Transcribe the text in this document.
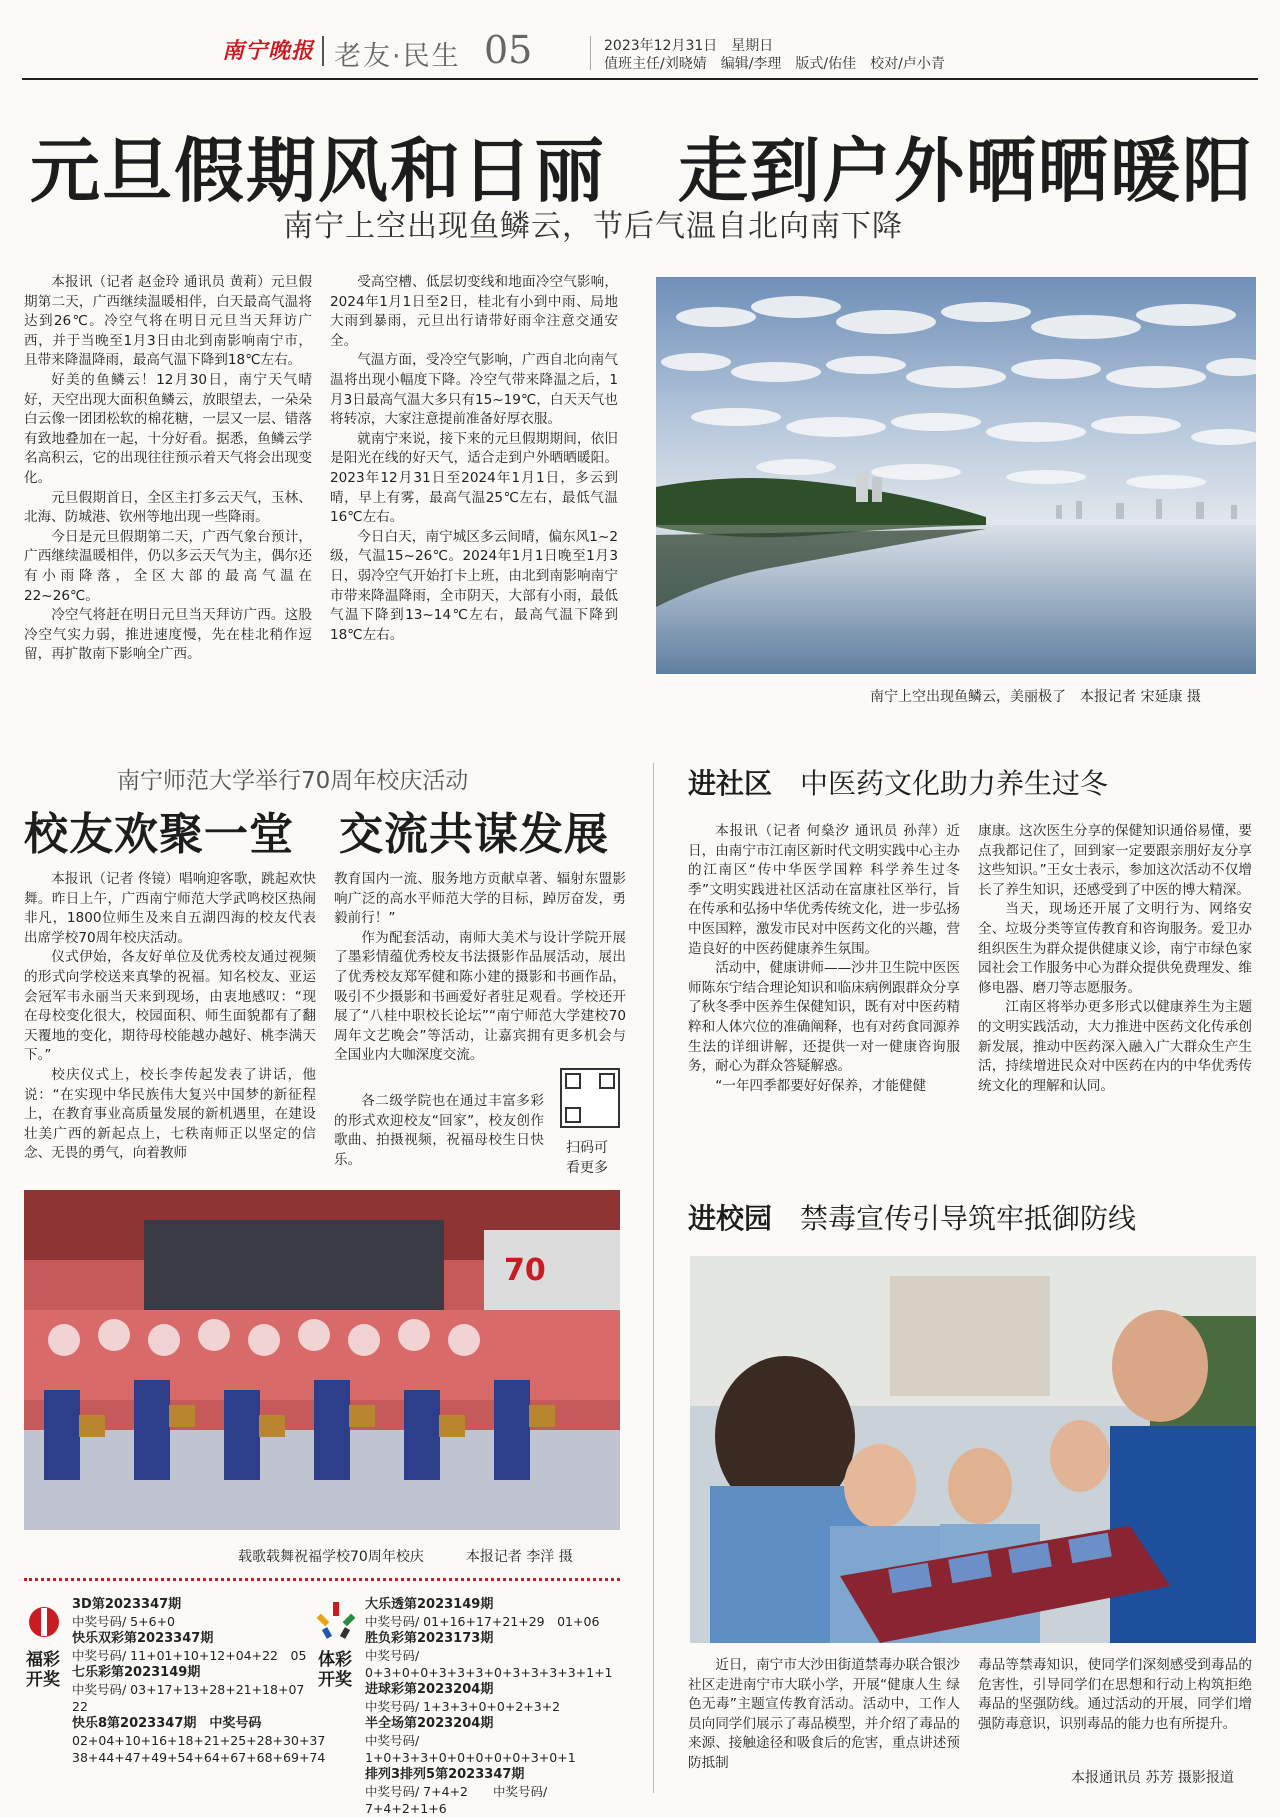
南宁晚报 老友·民生 05	2023年12月31日　星期日
值班主任/刘晓婧　编辑/李理　版式/佑佳　校对/卢小青
元旦假期风和日丽　走到户外晒晒暖阳
南宁上空出现鱼鳞云，节后气温自北向南下降

本报讯（记者 赵金玲 通讯员 黄莉）元旦假期第二天，广西继续温暖相伴，白天最高气温将达到26℃。冷空气将在明日元旦当天拜访广西，并于当晚至1月3日由北到南影响南宁市，且带来降温降雨，最高气温下降到18℃左右。

好美的鱼鳞云！12月30日，南宁天气晴好，天空出现大面积鱼鳞云，放眼望去，一朵朵白云像一团团松软的棉花糖，一层又一层、错落有致地叠加在一起，十分好看。据悉，鱼鳞云学名高积云，它的出现往往预示着天气将会出现变化。

元旦假期首日，全区主打多云天气，玉林、北海、防城港、钦州等地出现一些降雨。

今日是元旦假期第二天，广西气象台预计，广西继续温暖相伴，仍以多云天气为主，偶尔还有小雨降落，全区大部的最高气温在22~26℃。

冷空气将赶在明日元旦当天拜访广西。这股冷空气实力弱，推进速度慢，先在桂北稍作逗留，再扩散南下影响全广西。

受高空槽、低层切变线和地面冷空气影响，2024年1月1日至2日，桂北有小到中雨、局地大雨到暴雨，元旦出行请带好雨伞注意交通安全。

气温方面，受冷空气影响，广西自北向南气温将出现小幅度下降。冷空气带来降温之后，1月3日最高气温大多只有15~19℃，白天天气也将转凉，大家注意提前准备好厚衣服。

就南宁来说，接下来的元旦假期期间，依旧是阳光在线的好天气，适合走到户外晒晒暖阳。2023年12月31日至2024年1月1日，多云到晴，早上有雾，最高气温25℃左右，最低气温16℃左右。

今日白天，南宁城区多云间晴，偏东风1~2级，气温15~26℃。2024年1月1日晚至1月3日，弱冷空气开始打卡上班，由北到南影响南宁市带来降温降雨，全市阴天，大部有小雨，最低气温下降到13~14℃左右，最高气温下降到18℃左右。

南宁上空出现鱼鳞云，美丽极了　本报记者 宋延康 摄
南宁师范大学举行70周年校庆活动
校友欢聚一堂　交流共谋发展

本报讯（记者 佟镜）唱响迎客歌，跳起欢快舞。昨日上午，广西南宁师范大学武鸣校区热闹非凡，1800位师生及来自五湖四海的校友代表出席学校70周年校庆活动。

仪式伊始，各友好单位及优秀校友通过视频的形式向学校送来真挚的祝福。知名校友、亚运会冠军韦永丽当天来到现场，由衷地感叹：“现在母校变化很大，校园面积、师生面貌都有了翻天覆地的变化，期待母校能越办越好、桃李满天下。”

校庆仪式上，校长李传起发表了讲话，他说：“在实现中华民族伟大复兴中国梦的新征程上，在教育事业高质量发展的新机遇里，在建设壮美广西的新起点上，七秩南师正以坚定的信念、无畏的勇气，向着教师

教育国内一流、服务地方贡献卓著、辐射东盟影响广泛的高水平师范大学的目标，踔厉奋发，勇毅前行！”

作为配套活动，南师大美术与设计学院开展了墨彩情蕴优秀校友书法摄影作品展活动，展出了优秀校友郑军健和陈小建的摄影和书画作品，吸引不少摄影和书画爱好者驻足观看。学校还开展了“八桂中职校长论坛”“南宁师范大学建校70周年文艺晚会”等活动，让嘉宾拥有更多机会与全国业内大咖深度交流。

各二级学院也在通过丰富多彩的形式欢迎校友“回家”，校友创作歌曲、拍摄视频，祝福母校生日快乐。

扫码可
看更多
70
载歌载舞祝福学校70周年校庆　　　本报记者 李洋 摄
进社区 中医药文化助力养生过冬

本报讯（记者 何燊汐 通讯员 孙萍）近日，由南宁市江南区新时代文明实践中心主办的江南区“传中华医学国粹 科学养生过冬季”文明实践进社区活动在富康社区举行，旨在传承和弘扬中华优秀传统文化，进一步弘扬中医国粹，激发市民对中医药文化的兴趣，营造良好的中医药健康养生氛围。

活动中，健康讲师——沙井卫生院中医医师陈东宁结合理论知识和临床病例跟群众分享了秋冬季中医养生保健知识，既有对中医药精粹和人体穴位的准确阐释，也有对药食同源养生法的详细讲解，还提供一对一健康咨询服务，耐心为群众答疑解惑。

“一年四季都要好好保养，才能健健

康康。这次医生分享的保健知识通俗易懂，要点我都记住了，回到家一定要跟亲朋好友分享这些知识。”王女士表示，参加这次活动不仅增长了养生知识，还感受到了中医的博大精深。

当天，现场还开展了文明行为、网络安全、垃圾分类等宣传教育和咨询服务。爱卫办组织医生为群众提供健康义诊，南宁市绿色家园社会工作服务中心为群众提供免费理发、维修电器、磨刀等志愿服务。

江南区将举办更多形式以健康养生为主题的文明实践活动，大力推进中医药文化传承创新发展，推动中医药深入融入广大群众生产生活，持续增进民众对中医药在内的中华优秀传统文化的理解和认同。

进校园 禁毒宣传引导筑牢抵御防线

近日，南宁市大沙田街道禁毒办联合银沙社区走进南宁市大联小学，开展“健康人生 绿色无毒”主题宣传教育活动。活动中，工作人员向同学们展示了毒品模型，并介绍了毒品的来源、接触途径和吸食后的危害，重点讲述预防抵制

毒品等禁毒知识，使同学们深刻感受到毒品的危害性，引导同学们在思想和行动上构筑拒绝毒品的坚强防线。通过活动的开展，同学们增强防毒意识，识别毒品的能力也有所提升。

本报通讯员 苏芳 摄影报道
福彩
开奖
3D第2023347期
中奖号码/ 5+6+0
快乐双彩第2023347期
中奖号码/ 11+01+10+12+04+22　05
七乐彩第2023149期
中奖号码/ 03+17+13+28+21+18+07　22
快乐8第2023347期　中奖号码
02+04+10+16+18+21+25+28+30+37
38+44+47+49+54+64+67+68+69+74
体彩
开奖
大乐透第2023149期
中奖号码/ 01+16+17+21+29　01+06
胜负彩第2023173期
中奖号码/ 0+3+0+0+3+3+3+0+3+3+3+3+1+1
进球彩第2023204期
中奖号码/ 1+3+3+0+0+2+3+2
半全场第2023204期
中奖号码/ 1+0+3+3+0+0+0+0+0+3+0+1
排列3排列5第2023347期
中奖号码/ 7+4+2　　中奖号码/ 7+4+2+1+6
